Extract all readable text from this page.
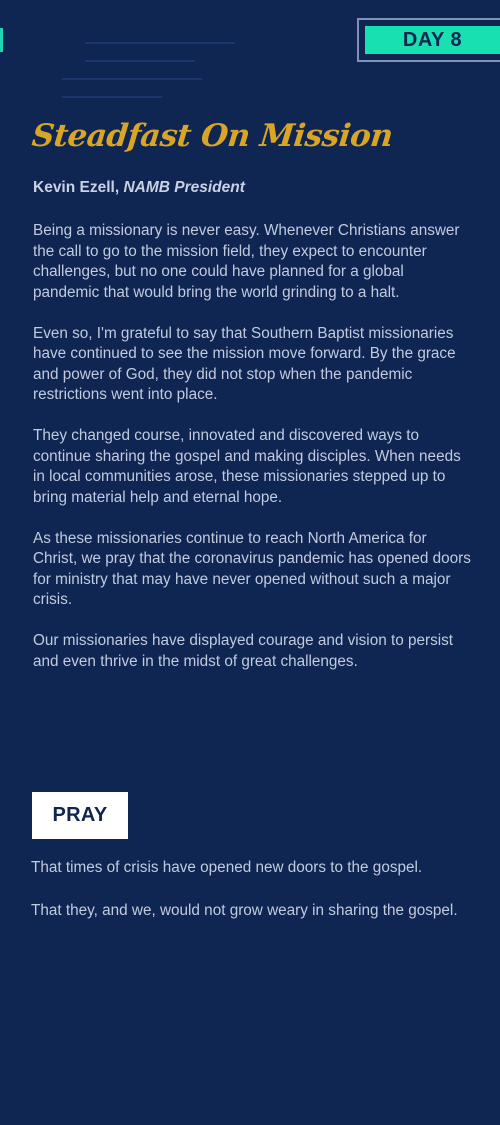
DAY 8
Steadfast On Mission
Kevin Ezell, NAMB President

Being a missionary is never easy. Whenever Christians answer the call to go to the mission field, they expect to encounter challenges, but no one could have planned for a global pandemic that would bring the world grinding to a halt.

Even so, I'm grateful to say that Southern Baptist missionaries have continued to see the mission move forward. By the grace and power of God, they did not stop when the pandemic restrictions went into place.

They changed course, innovated and discovered ways to continue sharing the gospel and making disciples. When needs in local communities arose, these missionaries stepped up to bring material help and eternal hope.

As these missionaries continue to reach North America for Christ, we pray that the coronavirus pandemic has opened doors for ministry that may have never opened without such a major crisis.

Our missionaries have displayed courage and vision to persist and even thrive in the midst of great challenges.

PRAY

That times of crisis have opened new doors to the gospel.

That they, and we, would not grow weary in sharing the gospel.
